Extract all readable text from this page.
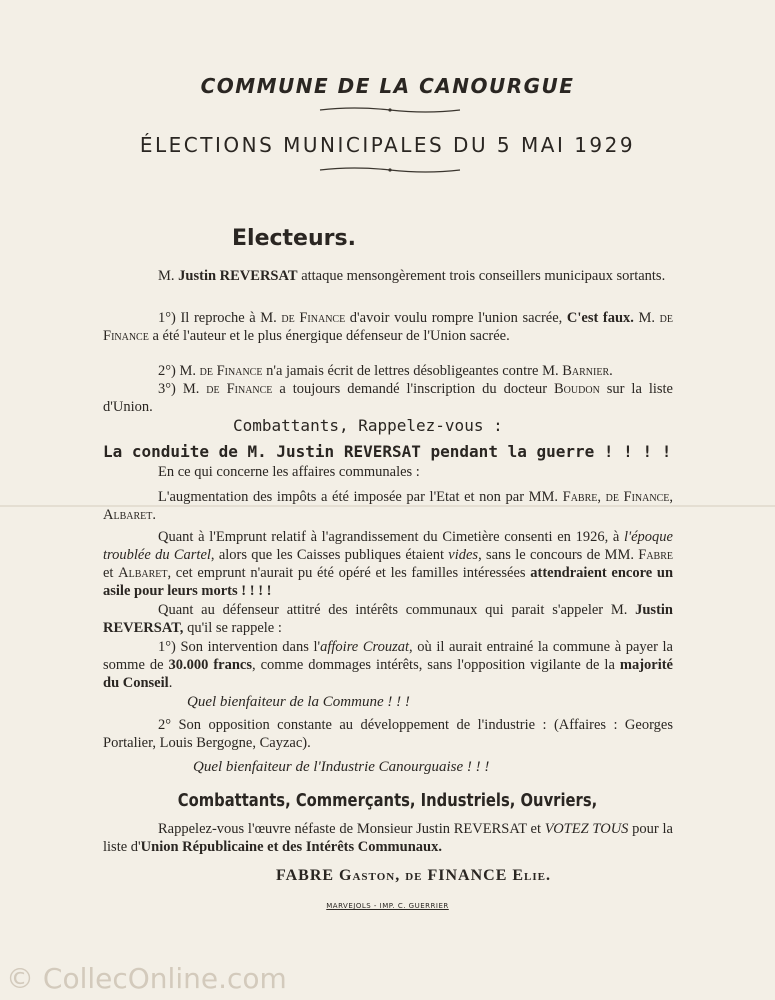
COMMUNE DE LA CANOURGUE
ÉLECTIONS MUNICIPALES DU 5 MAI 1929
Electeurs.
M. Justin REVERSAT attaque mensongèrement trois conseillers municipaux sortants.
1°) Il reproche à M. de Finance d'avoir voulu rompre l'union sacrée, C'est faux. M. de Finance a été l'auteur et le plus énergique défenseur de l'Union sacrée.
2°) M. de Finance n'a jamais écrit de lettres désobligeantes contre M. Barnier.
3°) M. de Finance a toujours demandé l'inscription du docteur Boudon sur la liste d'Union.
Combattants, Rappelez-vous :
La conduite de M. Justin REVERSAT pendant la guerre ! ! ! !
En ce qui concerne les affaires communales :
L'augmentation des impôts a été imposée par l'Etat et non par MM. Fabre, de Finance, Albaret.
Quant à l'Emprunt relatif à l'agrandissement du Cimetière consenti en 1926, à l'époque troublée du Cartel, alors que les Caisses publiques étaient vides, sans le concours de MM. Fabre et Albaret, cet emprunt n'aurait pu été opéré et les familles intéressées attendraient encore un asile pour leurs morts ! ! ! !
Quant au défenseur attitré des intérêts communaux qui parait s'appeler M. Justin REVERSAT, qu'il se rappele :
1°) Son intervention dans l'affoire Crouzat, où il aurait entrainé la commune à payer la somme de 30.000 francs, comme dommages intérêts, sans l'opposition vigilante de la majorité du Conseil.
Quel bienfaiteur de la Commune ! ! !
2° Son opposition constante au développement de l'industrie : (Affaires : Georges Portalier, Louis Bergogne, Cayzac).
Quel bienfaiteur de l'Industrie Canourguaise ! ! !
Combattants, Commerçants, Industriels, Ouvriers,
Rappelez-vous l'œuvre néfaste de Monsieur Justin REVERSAT et VOTEZ TOUS pour la liste d'Union Républicaine et des Intérêts Communaux.
FABRE Gaston, de FINANCE Elie.
MARVEJOLS - IMP. C. GUERRIER
© ColleсOnline.com
